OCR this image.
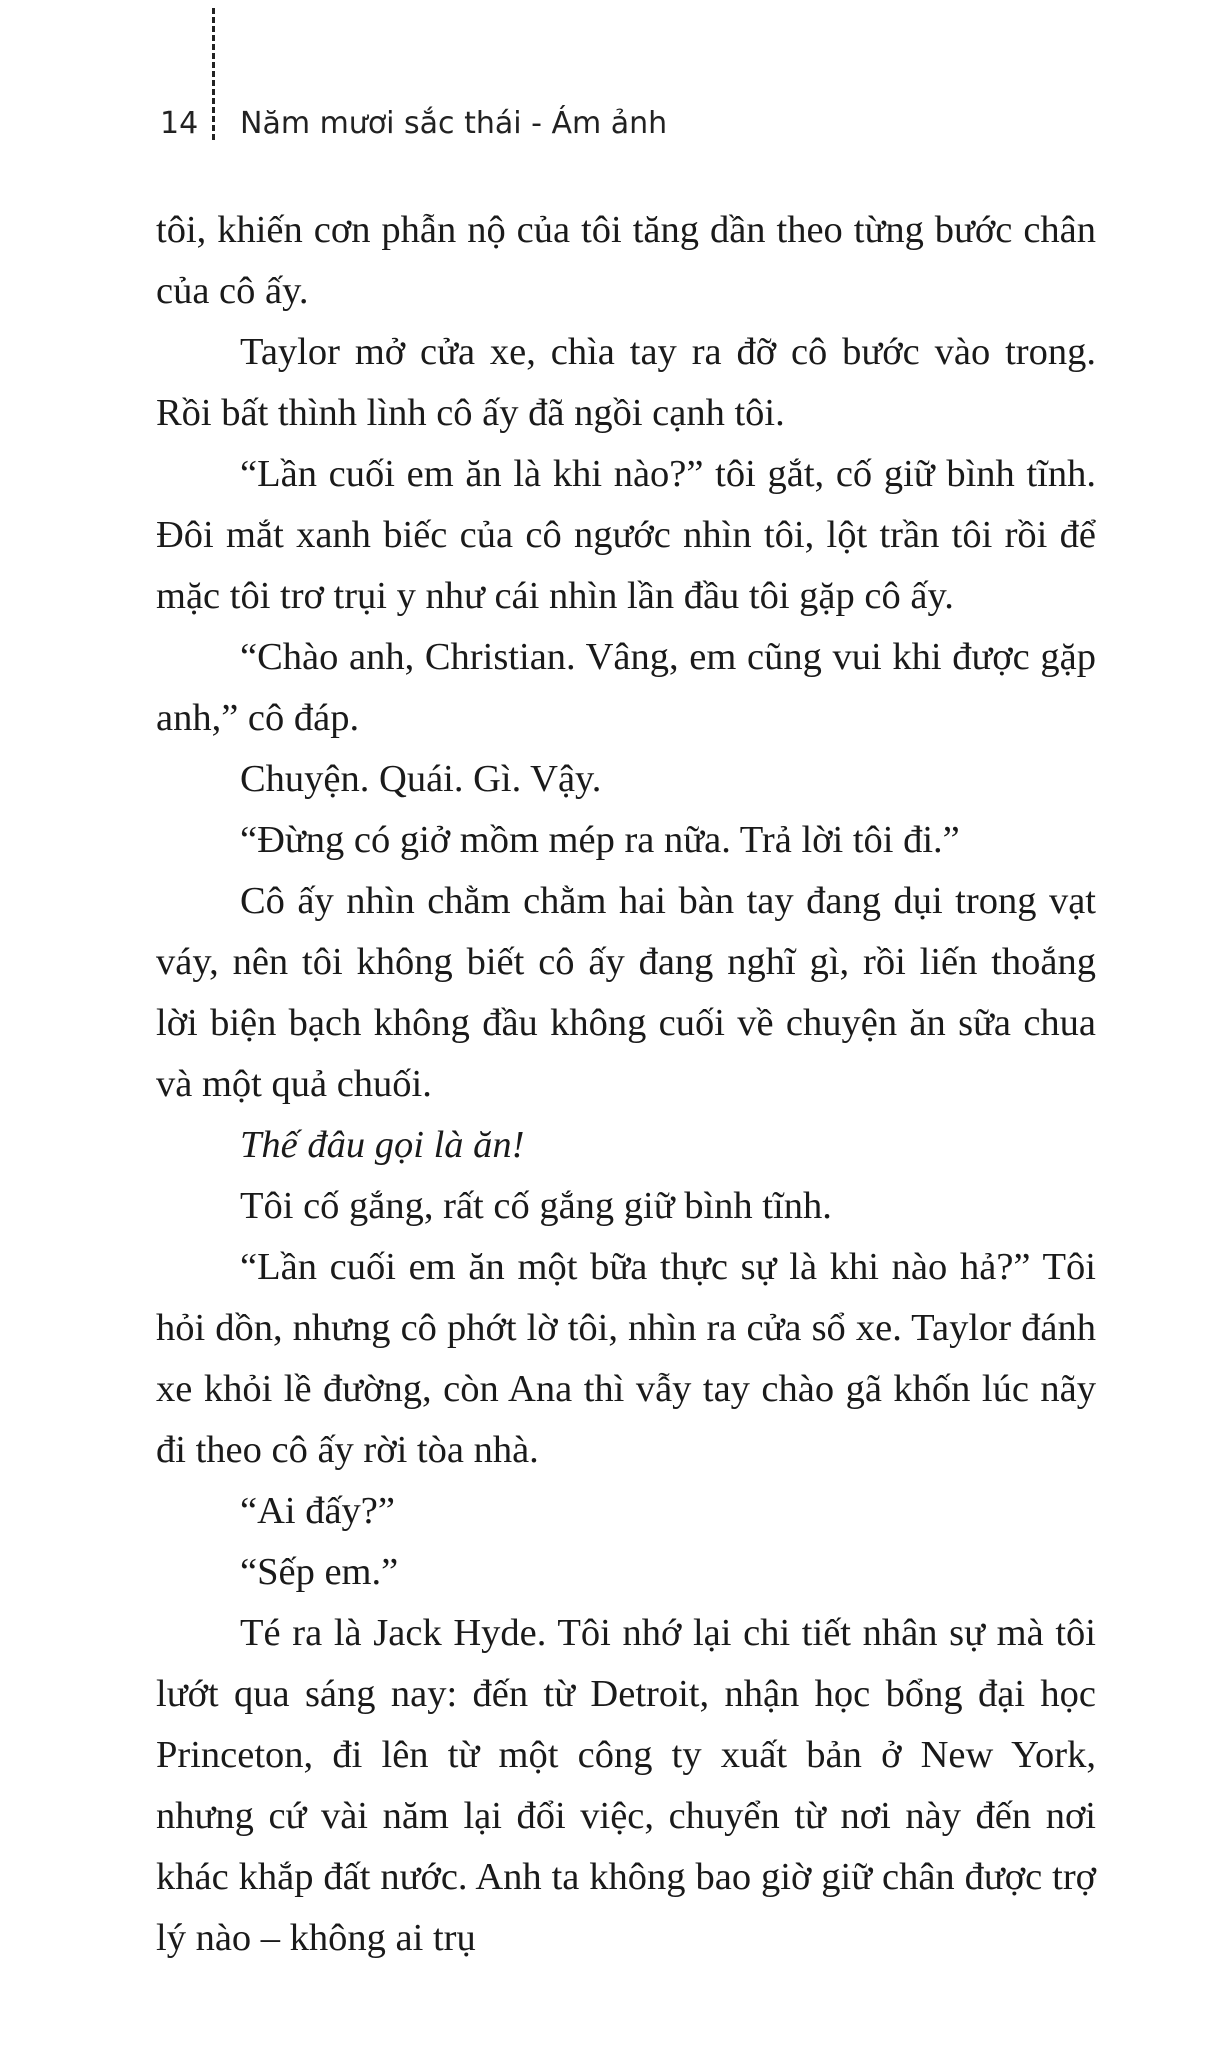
14 Năm mươi sắc thái - Ám ảnh

tôi, khiến cơn phẫn nộ của tôi tăng dần theo từng bước chân của cô ấy.

Taylor mở cửa xe, chìa tay ra đỡ cô bước vào trong. Rồi bất thình lình cô ấy đã ngồi cạnh tôi.

“Lần cuối em ăn là khi nào?” tôi gắt, cố giữ bình tĩnh. Đôi mắt xanh biếc của cô ngước nhìn tôi, lột trần tôi rồi để mặc tôi trơ trụi y như cái nhìn lần đầu tôi gặp cô ấy.

“Chào anh, Christian. Vâng, em cũng vui khi được gặp anh,” cô đáp.

Chuyện. Quái. Gì. Vậy.

“Đừng có giở mồm mép ra nữa. Trả lời tôi đi.”

Cô ấy nhìn chằm chằm hai bàn tay đang dụi trong vạt váy, nên tôi không biết cô ấy đang nghĩ gì, rồi liến thoắng lời biện bạch không đầu không cuối về chuyện ăn sữa chua và một quả chuối.

Thế đâu gọi là ăn!

Tôi cố gắng, rất cố gắng giữ bình tĩnh.

“Lần cuối em ăn một bữa thực sự là khi nào hả?” Tôi hỏi dồn, nhưng cô phớt lờ tôi, nhìn ra cửa sổ xe. Taylor đánh xe khỏi lề đường, còn Ana thì vẫy tay chào gã khốn lúc nãy đi theo cô ấy rời tòa nhà.

“Ai đấy?”

“Sếp em.”

Té ra là Jack Hyde. Tôi nhớ lại chi tiết nhân sự mà tôi lướt qua sáng nay: đến từ Detroit, nhận học bổng đại học Princeton, đi lên từ một công ty xuất bản ở New York, nhưng cứ vài năm lại đổi việc, chuyển từ nơi này đến nơi khác khắp đất nước. Anh ta không bao giờ giữ chân được trợ lý nào – không ai trụ
